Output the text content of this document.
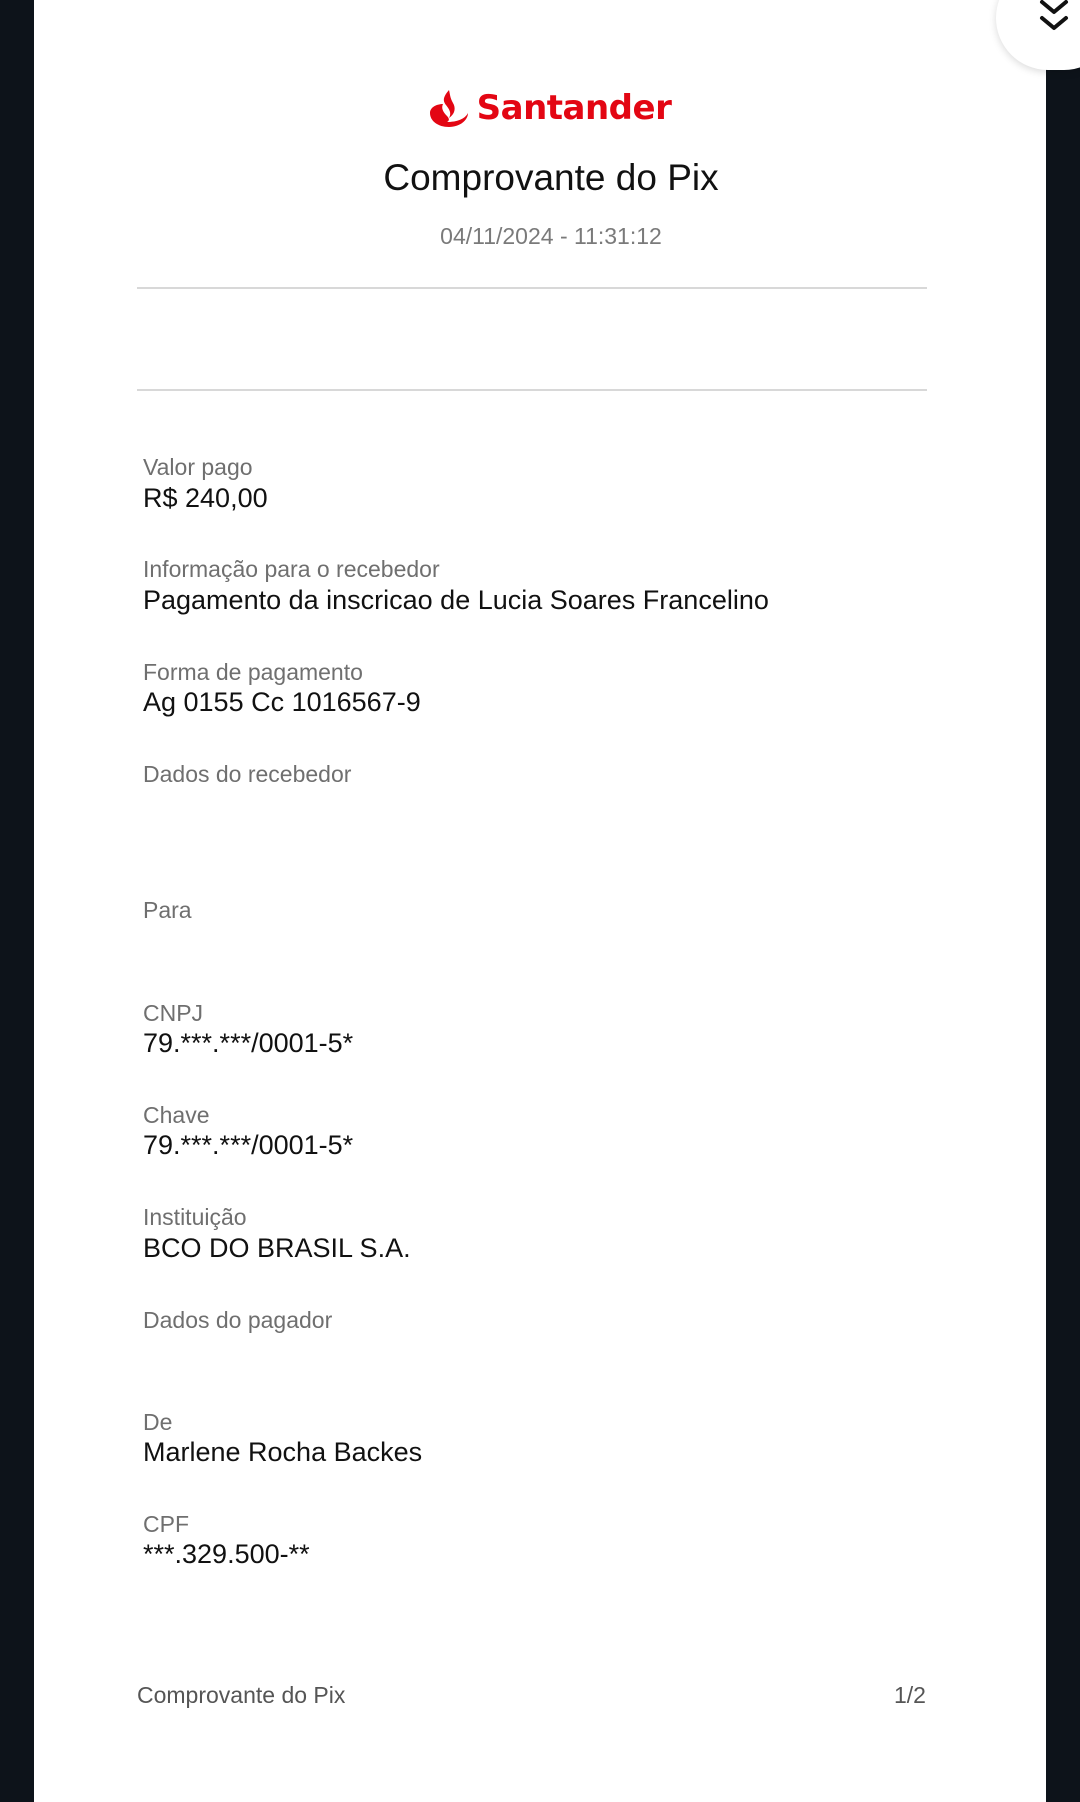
Santander
Comprovante do Pix
04/11/2024 - 11:31:12
Valor pago
R$ 240,00
Informação para o recebedor
Pagamento da inscricao de Lucia Soares Francelino
Forma de pagamento
Ag 0155 Cc 1016567-9
Dados do recebedor
Para
CNPJ
79.***.***/0001-5*
Chave
79.***.***/0001-5*
Instituição
BCO DO BRASIL S.A.
Dados do pagador
De
Marlene Rocha Backes
CPF
***.329.500-**
Comprovante do Pix	1/2
